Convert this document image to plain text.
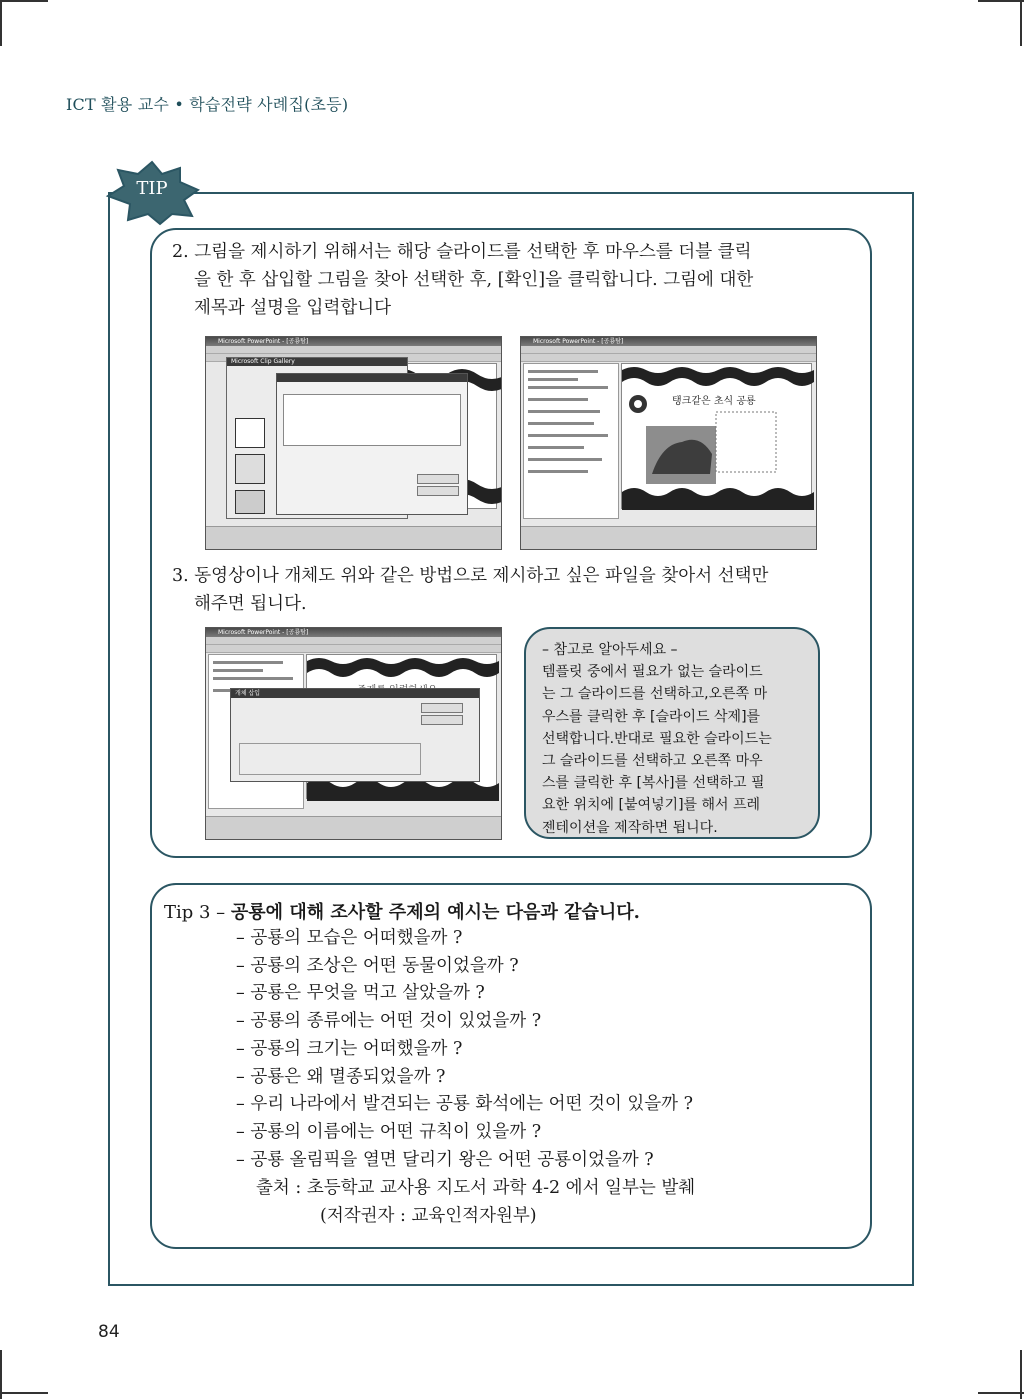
ICT 활용 교수 • 학습전략 사례집(초등)
TIP
2. 그림을 제시하기 위해서는 해당 슬라이드를 선택한 후 마우스를 더블 클릭
을 한 후 삽입할 그림을 찾아 선택한 후, [확인]을 클릭합니다. 그림에 대한
제목과 설명을 입력합니다
Microsoft PowerPoint - [공룡탐]
Microsoft Clip Gallery
Microsoft PowerPoint - [공룡탐]
탱크같은 초식 공룡
3. 동영상이나 개체도 위와 같은 방법으로 제시하고 싶은 파일을 찾아서 선택만
해주면 됩니다.
Microsoft PowerPoint - [공룡탐]
개체 삽입
– 참고로 알아두세요 –
템플릿 중에서 필요가 없는 슬라이드
는 그 슬라이드를 선택하고,오른쪽 마
우스를 클릭한 후 [슬라이드 삭제]를
선택합니다.반대로 필요한 슬라이드는
그 슬라이드를 선택하고 오른쪽 마우
스를 클릭한 후 [복사]를 선택하고 필
요한 위치에 [붙여넣기]를 해서 프레
젠테이션을 제작하면 됩니다.
Tip 3 – 공룡에 대해 조사할 주제의 예시는 다음과 같습니다.
– 공룡의 모습은 어떠했을까 ?
– 공룡의 조상은 어떤 동물이었을까 ?
– 공룡은 무엇을 먹고 살았을까 ?
– 공룡의 종류에는 어떤 것이 있었을까 ?
– 공룡의 크기는 어떠했을까 ?
– 공룡은 왜 멸종되었을까 ?
– 우리 나라에서 발견되는 공룡 화석에는 어떤 것이 있을까 ?
– 공룡의 이름에는 어떤 규칙이 있을까 ?
– 공룡 올림픽을 열면 달리기 왕은 어떤 공룡이었을까 ?
출처 : 초등학교 교사용 지도서 과학 4-2 에서 일부는 발췌
(저작권자 : 교육인적자원부)
84
